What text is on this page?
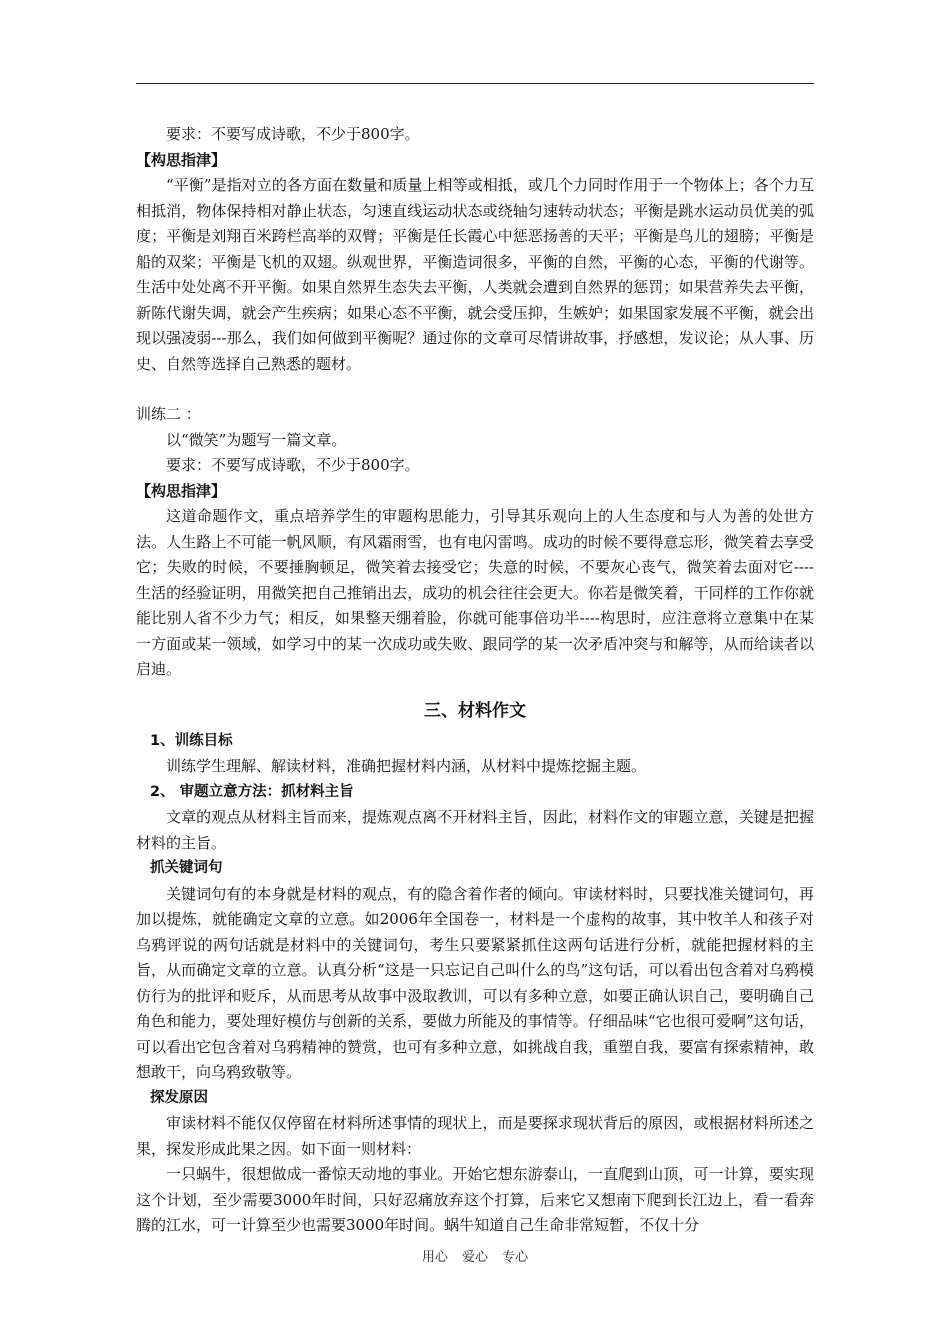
要求：不要写成诗歌，不少于800字。

【构思指津】

“平衡”是指对立的各方面在数量和质量上相等或相抵，或几个力同时作用于一个物体上；各个力互相抵消，物体保持相对静止状态，匀速直线运动状态或绕轴匀速转动状态；平衡是跳水运动员优美的弧度；平衡是刘翔百米跨栏高举的双臂；平衡是任长霞心中惩恶扬善的天平；平衡是鸟儿的翅膀；平衡是船的双桨；平衡是飞机的双翅。纵观世界，平衡造词很多，平衡的自然，平衡的心态，平衡的代谢等。生活中处处离不开平衡。如果自然界生态失去平衡，人类就会遭到自然界的惩罚；如果营养失去平衡，新陈代谢失调，就会产生疾病；如果心态不平衡，就会受压抑，生嫉妒；如果国家发展不平衡，就会出现以强凌弱---那么，我们如何做到平衡呢？通过你的文章可尽情讲故事，抒感想，发议论；从人事、历史、自然等选择自己熟悉的题材。

训练二 ：

以“微笑”为题写一篇文章。

要求：不要写成诗歌，不少于800字。

【构思指津】

这道命题作文，重点培养学生的审题构思能力，引导其乐观向上的人生态度和与人为善的处世方法。人生路上不可能一帆风顺，有风霜雨雪，也有电闪雷鸣。成功的时候不要得意忘形，微笑着去享受它；失败的时候，不要捶胸顿足，微笑着去接受它；失意的时候，不要灰心丧气，微笑着去面对它----生活的经验证明，用微笑把自己推销出去，成功的机会往往会更大。你若是微笑着，干同样的工作你就能比别人省不少力气；相反，如果整天绷着脸，你就可能事倍功半----构思时，应注意将立意集中在某一方面或某一领域，如学习中的某一次成功或失败、跟同学的某一次矛盾冲突与和解等，从而给读者以启迪。

三、材料作文

1、训练目标

训练学生理解、解读材料，准确把握材料内涵，从材料中提炼挖掘主题。

2、 审题立意方法：抓材料主旨

文章的观点从材料主旨而来，提炼观点离不开材料主旨，因此，材料作文的审题立意，关键是把握材料的主旨。

抓关键词句

关键词句有的本身就是材料的观点，有的隐含着作者的倾向。审读材料时，只要找准关键词句，再加以提炼，就能确定文章的立意。如2006年全国卷一，材料是一个虚构的故事，其中牧羊人和孩子对乌鸦评说的两句话就是材料中的关键词句，考生只要紧紧抓住这两句话进行分析，就能把握材料的主旨，从而确定文章的立意。认真分析“这是一只忘记自己叫什么的鸟”这句话，可以看出包含着对乌鸦模仿行为的批评和贬斥，从而思考从故事中汲取教训，可以有多种立意，如要正确认识自己，要明确自己角色和能力，要处理好模仿与创新的关系，要做力所能及的事情等。仔细品味“它也很可爱啊”这句话，可以看出它包含着对乌鸦精神的赞赏，也可有多种立意，如挑战自我，重塑自我，要富有探索精神，敢想敢干，向乌鸦致敬等。

探发原因

审读材料不能仅仅停留在材料所述事情的现状上，而是要探求现状背后的原因，或根据材料所述之果，探发形成此果之因。如下面一则材料：

一只蜗牛，很想做成一番惊天动地的事业。开始它想东游泰山，一直爬到山顶，可一计算，要实现这个计划，至少需要3000年时间，只好忍痛放弃这个打算，后来它又想南下爬到长江边上，看一看奔腾的江水，可一计算至少也需要3000年时间。蜗牛知道自己生命非常短暂，不仅十分

用心 爱心 专心
